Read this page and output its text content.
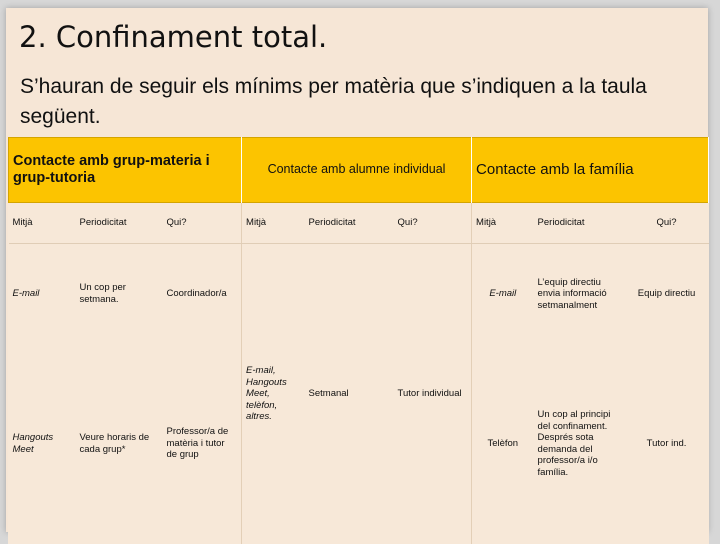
2. Confinament total.
S’hauran de seguir els mínims per matèria que s’indiquen a la taula següent.
Contacte amb grup-materia i grup-tutoria			Contacte amb alumne individual			Contacte amb la família		
Mitjà	Periodicitat	Qui?	Mitjà	Periodicitat	Qui?	Mitjà	Periodicitat	Qui?
E-mail	Un cop per setmana.	Coordinador/a	E-mail, Hangouts Meet, telèfon, altres.	Setmanal	Tutor individual	E-mail	L’equip directiu envia informació setmanalment	Equip directiu
Hangouts Meet	Veure horaris de cada grup*	Professor/a de matèria i tutor de grup				Telèfon	Un cop al principi del confinament. Després sota demanda del professor/a i/o família.	Tutor ind.
